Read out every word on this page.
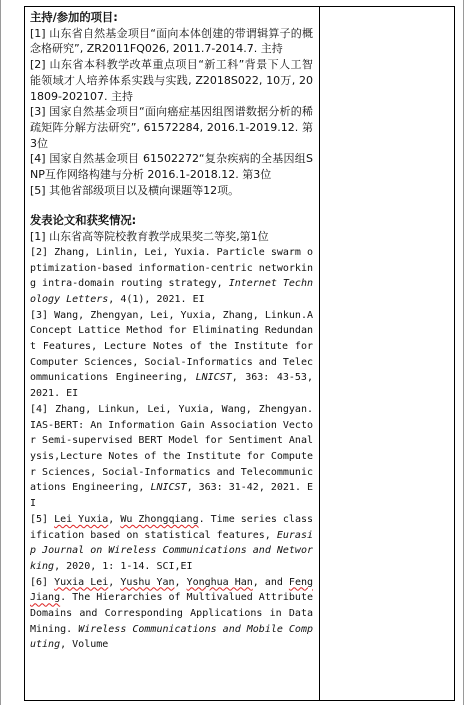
主持/参加的项目:
[1] 山东省自然基金项目“面向本体创建的带谓辑算子的概念格研究”, ZR2011FQ026, 2011.7-2014.7. 主持
[2] 山东省本科教学改革重点项目“新工科”背景下人工智能领域才人培养体系实践与实践, Z2018S022, 10万, 201809-202107. 主持
[3] 国家自然基金项目“面向癌症基因组图谱数据分析的稀疏矩阵分解方法研究”, 61572284, 2016.1-2019.12. 第3位
[4] 国家自然基金项目 61502272“复杂疾病的全基因组SNP互作网络构建与分析 2016.1-2018.12. 第3位
[5] 其他省部级项目以及横向课题等12项。
发表论文和获奖情况:
[1] 山东省高等院校教育教学成果奖二等奖,第1位
[2] Zhang, Linlin, Lei, Yuxia. Particle swarm optimization-based information-centric networking intra-domain routing strategy, Internet Technology Letters, 4(1), 2021. EI
[3] Wang, Zhengyan, Lei, Yuxia, Zhang, Linkun.A Concept Lattice Method for Eliminating Redundant Features, Lecture Notes of the Institute for Computer Sciences, Social-Informatics and Telecommunications Engineering, LNICST, 363: 43-53, 2021. EI
[4] Zhang, Linkun, Lei, Yuxia, Wang, Zhengyan. IAS-BERT: An Information Gain Association Vector Semi-supervised BERT Model for Sentiment Analysis,Lecture Notes of the Institute for Computer Sciences, Social-Informatics and Telecommunications Engineering, LNICST, 363: 31-42, 2021. EI
[5] Lei Yuxia, Wu Zhongqiang. Time series classification based on statistical features, Eurasip Journal on Wireless Communications and Networking, 2020, 1: 1-14. SCI,EI
[6] Yuxia Lei, Yushu Yan, Yonghua Han, and Feng Jiang. The Hierarchies of Multivalued Attribute Domains and Corresponding Applications in Data Mining. Wireless Communications and Mobile Computing, Volume
